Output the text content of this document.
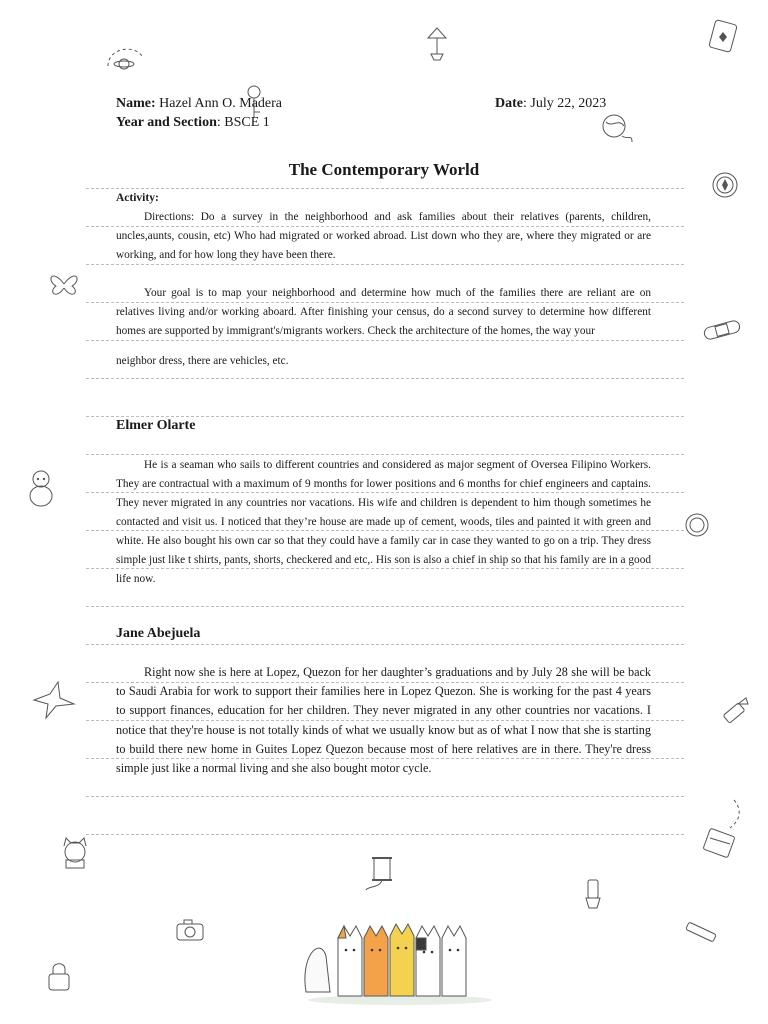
Name: Hazel Ann O. Madera	Date: July 22, 2023
Year and Section: BSCE 1
The Contemporary World
Activity:

Directions: Do a survey in the neighborhood and ask families about their relatives (parents, children, uncles,aunts, cousin, etc) Who had migrated or worked abroad. List down who they are, where they migrated or are working, and for how long they have been there.

Your goal is to map your neighborhood and determine how much of the families there are reliant are on relatives living and/or working aboard. After finishing your census, do a second survey to determine how different homes are supported by immigrant's/migrants workers. Check the architecture of the homes, the way your

neighbor dress, there are vehicles, etc.

Elmer Olarte

He is a seaman who sails to different countries and considered as major segment of Oversea Filipino Workers. They are contractual with a maximum of 9 months for lower positions and 6 months for chief engineers and captains. They never migrated in any countries nor vacations. His wife and children is dependent to him though sometimes he contacted and visit us. I noticed that they’re house are made up of cement, woods, tiles and painted it with green and white. He also bought his own car so that they could have a family car in case they wanted to go on a trip. They dress simple just like t shirts, pants, shorts, checkered and etc,. His son is also a chief in ship so that his family are in a good life now.

Jane Abejuela

Right now she is here at Lopez, Quezon for her daughter’s graduations and by July 28 she will be back to Saudi Arabia for work to support their families here in Lopez Quezon. She is working for the past 4 years to support finances, education for her children. They never migrated in any other countries nor vacations. I notice that they're house is not totally kinds of what we usually know but as of what I now that she is starting to build there new home in Guites Lopez Quezon because most of here relatives are in there. They're dress simple just like a normal living and she also bought motor cycle.
